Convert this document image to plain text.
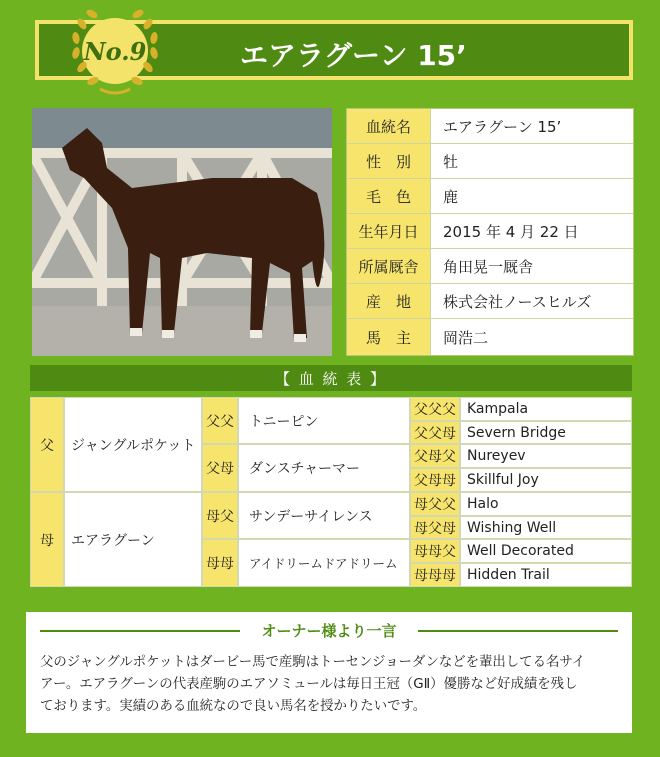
エアラグーン 15’
No.9
血統名	エアラグーン 15’
性　別	牡
毛　色	鹿
生年月日	2015 年 4 月 22 日
所属厩舎	角田晃一厩舎
産　地	株式会社ノースヒルズ
馬　主	岡浩二
【 血 統 表 】
父	ジャングルポケット
母	エアラグーン
父父	トニーピン
父母	ダンスチャーマー
母父	サンデーサイレンス
母母	アイドリームドアドリーム
父父父 Kampala
父父母 Severn Bridge
父母父 Nureyev
父母母 Skillful Joy
母父父 Halo
母父母 Wishing Well
母母父 Well Decorated
母母母 Hidden Trail
オーナー様より一言
父のジャングルポケットはダービー馬で産駒はトーセンジョーダンなどを輩出してる名サイ
アー。エアラグーンの代表産駒のエアソミュールは毎日王冠（GⅡ）優勝など好成績を残し
ております。実績のある血統なので良い馬名を授かりたいです。
